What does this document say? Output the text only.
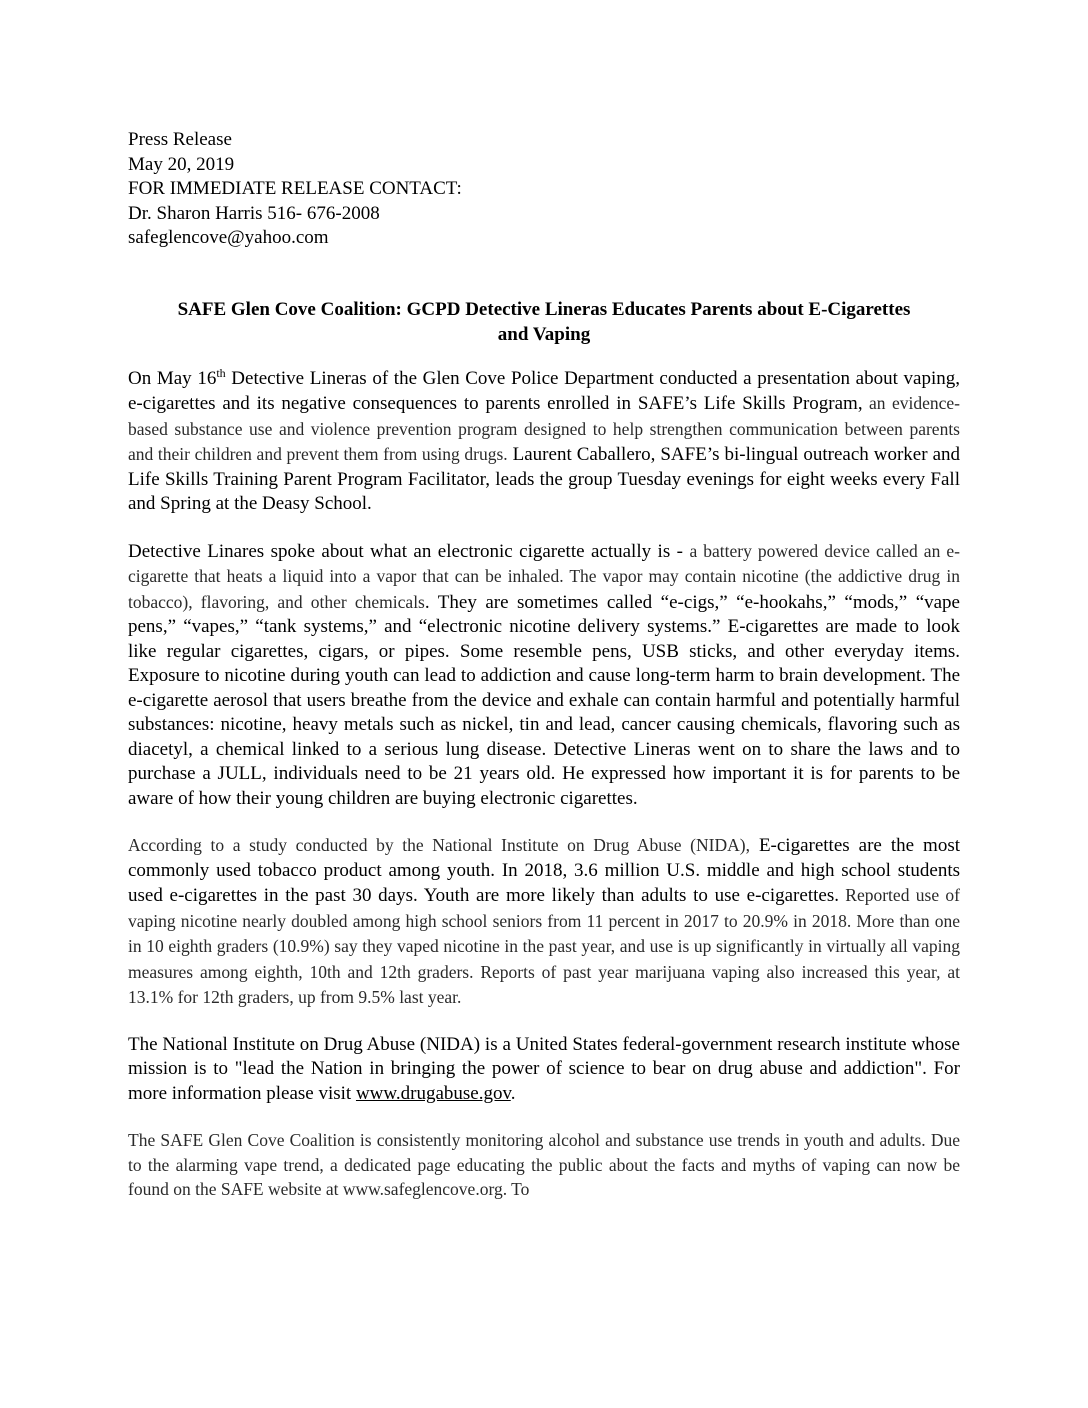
Press Release
May 20, 2019
FOR IMMEDIATE RELEASE CONTACT:
Dr. Sharon Harris 516- 676-2008
safeglencove@yahoo.com
SAFE Glen Cove Coalition: GCPD Detective Lineras Educates Parents about E-Cigarettes
and Vaping

On May 16th Detective Lineras of the Glen Cove Police Department conducted a presentation about vaping, e-cigarettes and its negative consequences to parents enrolled in SAFE’s Life Skills Program, an evidence-based substance use and violence prevention program designed to help strengthen communication between parents and their children and prevent them from using drugs. Laurent Caballero, SAFE’s bi-lingual outreach worker and Life Skills Training Parent Program Facilitator, leads the group Tuesday evenings for eight weeks every Fall and Spring at the Deasy School.

Detective Linares spoke about what an electronic cigarette actually is - a battery powered device called an e-cigarette that heats a liquid into a vapor that can be inhaled. The vapor may contain nicotine (the addictive drug in tobacco), flavoring, and other chemicals. They are sometimes called “e-cigs,” “e-hookahs,” “mods,” “vape pens,” “vapes,” “tank systems,” and “electronic nicotine delivery systems.” E-cigarettes are made to look like regular cigarettes, cigars, or pipes. Some resemble pens, USB sticks, and other everyday items. Exposure to nicotine during youth can lead to addiction and cause long-term harm to brain development. The e-cigarette aerosol that users breathe from the device and exhale can contain harmful and potentially harmful substances: nicotine, heavy metals such as nickel, tin and lead, cancer causing chemicals, flavoring such as diacetyl, a chemical linked to a serious lung disease. Detective Lineras went on to share the laws and to purchase a JULL, individuals need to be 21 years old. He expressed how important it is for parents to be aware of how their young children are buying electronic cigarettes.

According to a study conducted by the National Institute on Drug Abuse (NIDA), E-cigarettes are the most commonly used tobacco product among youth. In 2018, 3.6 million U.S. middle and high school students used e-cigarettes in the past 30 days. Youth are more likely than adults to use e-cigarettes. Reported use of vaping nicotine nearly doubled among high school seniors from 11 percent in 2017 to 20.9% in 2018. More than one in 10 eighth graders (10.9%) say they vaped nicotine in the past year, and use is up significantly in virtually all vaping measures among eighth, 10th and 12th graders. Reports of past year marijuana vaping also increased this year, at 13.1% for 12th graders, up from 9.5% last year.

The National Institute on Drug Abuse (NIDA) is a United States federal-government research institute whose mission is to "lead the Nation in bringing the power of science to bear on drug abuse and addiction". For more information please visit www.drugabuse.gov.

The SAFE Glen Cove Coalition is consistently monitoring alcohol and substance use trends in youth and adults. Due to the alarming vape trend, a dedicated page educating the public about the facts and myths of vaping can now be found on the SAFE website at www.safeglencove.org. To
